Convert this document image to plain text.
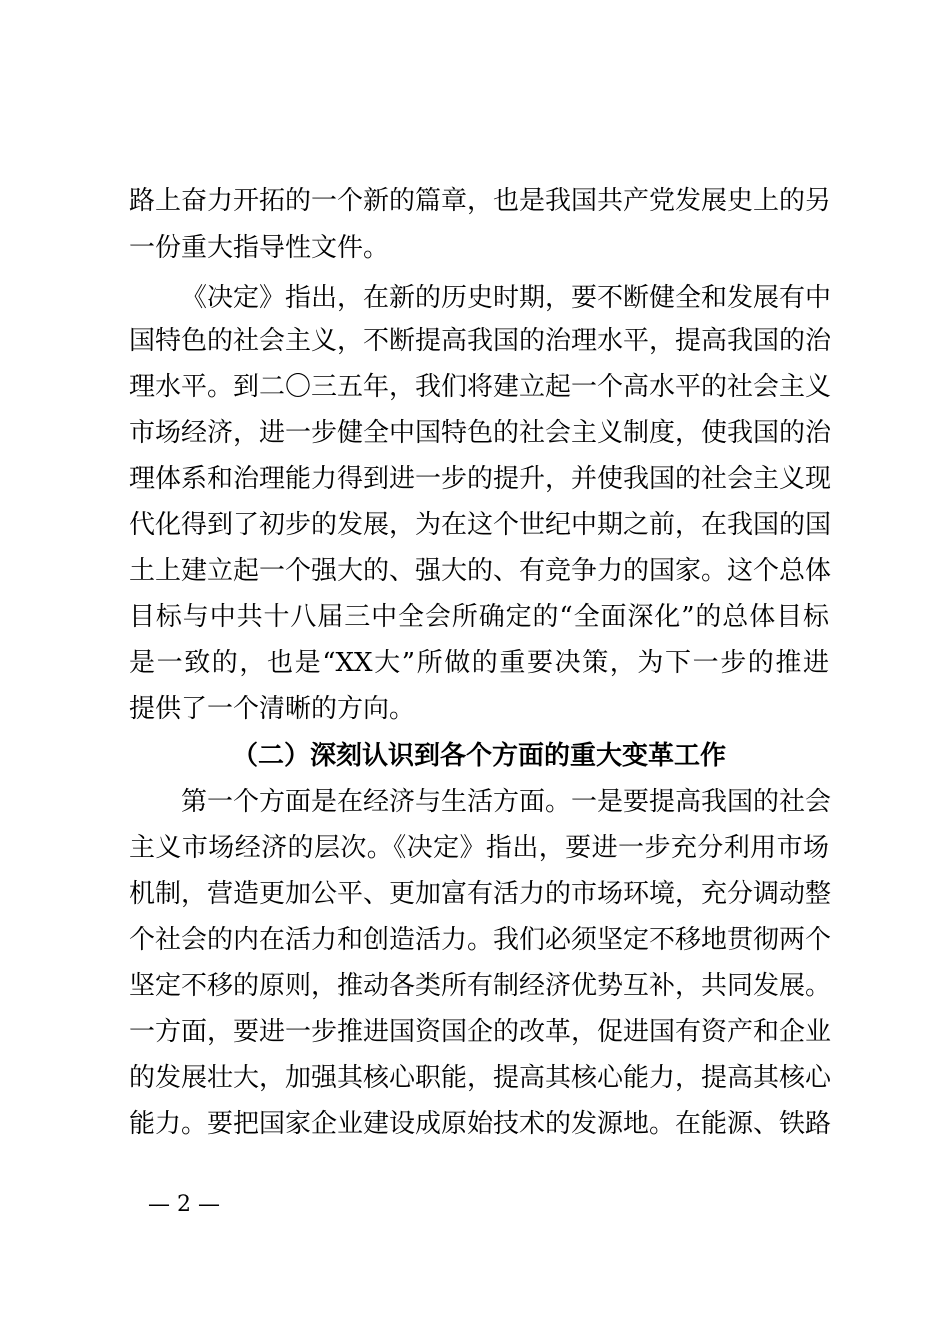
路上奋力开拓的一个新的篇章，也是我国共产党发展史上的另
一份重大指导性文件。
《决定》指出，在新的历史时期，要不断健全和发展有中
国特色的社会主义，不断提高我国的治理水平，提高我国的治
理水平。到二〇三五年，我们将建立起一个高水平的社会主义
市场经济，进一步健全中国特色的社会主义制度，使我国的治
理体系和治理能力得到进一步的提升，并使我国的社会主义现
代化得到了初步的发展，为在这个世纪中期之前，在我国的国
土上建立起一个强大的、强大的、有竞争力的国家。这个总体
目标与中共十八届三中全会所确定的“全面深化”的总体目标
是一致的，也是“XX大”所做的重要决策，为下一步的推进
提供了一个清晰的方向。
（二）深刻认识到各个方面的重大变革工作
第一个方面是在经济与生活方面。一是要提高我国的社会
主义市场经济的层次。《决定》指出，要进一步充分利用市场
机制，营造更加公平、更加富有活力的市场环境，充分调动整
个社会的内在活力和创造活力。我们必须坚定不移地贯彻两个
坚定不移的原则，推动各类所有制经济优势互补，共同发展。
一方面，要进一步推进国资国企的改革，促进国有资产和企业
的发展壮大，加强其核心职能，提高其核心能力，提高其核心
能力。要把国家企业建设成原始技术的发源地。在能源、铁路
— 2 —
